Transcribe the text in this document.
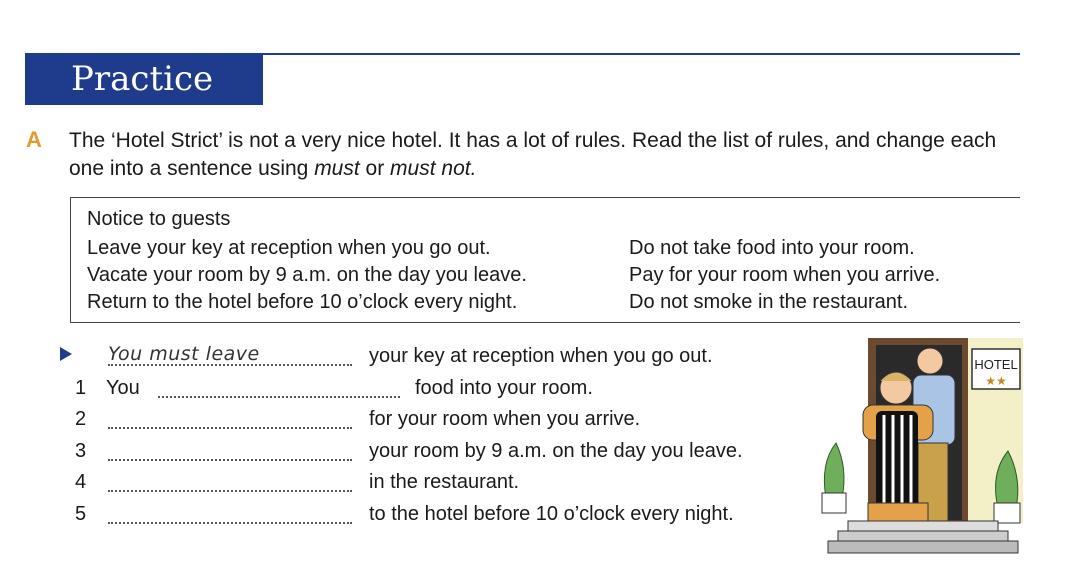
Practice
A The ‘Hotel Strict’ is not a very nice hotel. It has a lot of rules. Read the list of rules, and change each one into a sentence using must or must not.
Notice to guests
Leave your key at reception when you go out.
Vacate your room by 9 a.m. on the day you leave.
Return to the hotel before 10 o’clock every night.
Do not take food into your room.
Pay for your room when you arrive.
Do not smoke in the restaurant.
You must leave	your key at reception when you go out.
1 You	food into your room.
2	for your room when you arrive.
3	your room by 9 a.m. on the day you leave.
4	in the restaurant.
5	to the hotel before 10 o’clock every night.
HOTEL
★★
